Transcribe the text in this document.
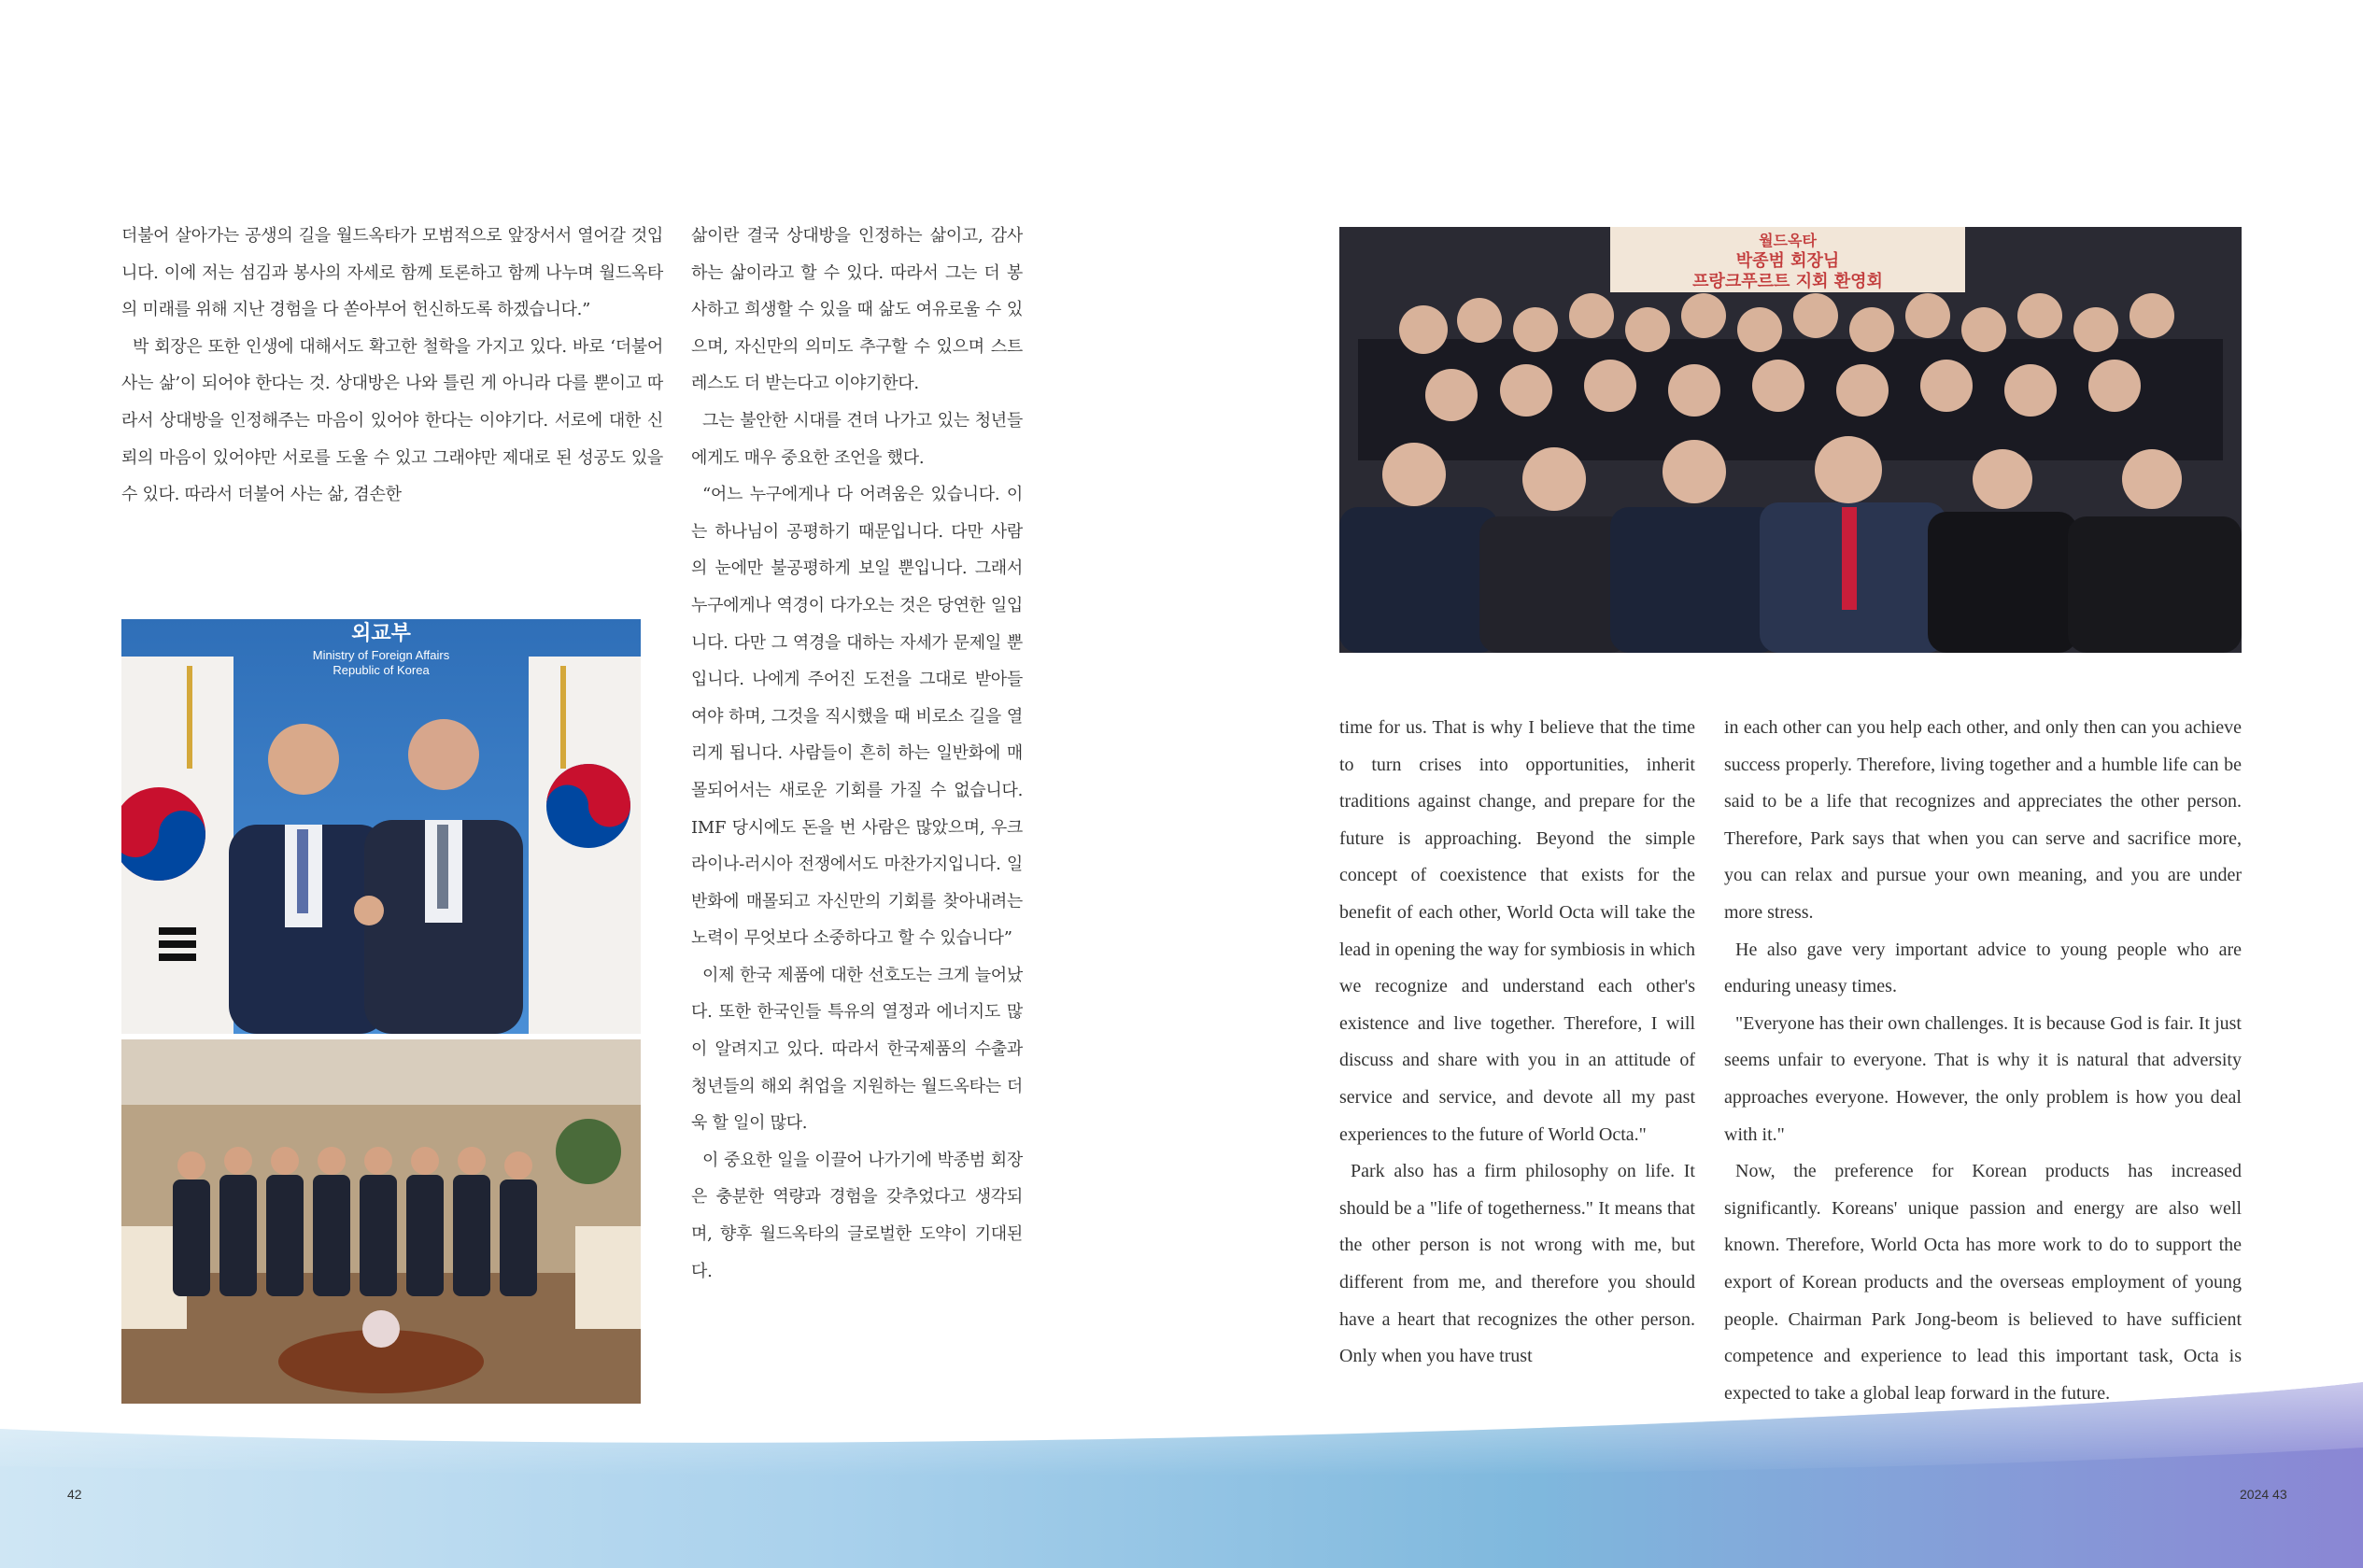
더불어 살아가는 공생의 길을 월드옥타가 모범적으로 앞장서서 열어갈 것입니다. 이에 저는 섬김과 봉사의 자세로 함께 토론하고 함께 나누며 월드옥타의 미래를 위해 지난 경험을 다 쏟아부어 헌신하도록 하겠습니다.”

박 회장은 또한 인생에 대해서도 확고한 철학을 가지고 있다. 바로 ‘더불어 사는 삶’이 되어야 한다는 것. 상대방은 나와 틀린 게 아니라 다를 뿐이고 따라서 상대방을 인정해주는 마음이 있어야 한다는 이야기다. 서로에 대한 신뢰의 마음이 있어야만 서로를 도울 수 있고 그래야만 제대로 된 성공도 있을 수 있다. 따라서 더불어 사는 삶, 겸손한

삶이란 결국 상대방을 인정하는 삶이고, 감사하는 삶이라고 할 수 있다. 따라서 그는 더 봉사하고 희생할 수 있을 때 삶도 여유로울 수 있으며, 자신만의 의미도 추구할 수 있으며 스트레스도 더 받는다고 이야기한다.

그는 불안한 시대를 견뎌 나가고 있는 청년들에게도 매우 중요한 조언을 했다.

“어느 누구에게나 다 어려움은 있습니다. 이는 하나님이 공평하기 때문입니다. 다만 사람의 눈에만 불공평하게 보일 뿐입니다. 그래서 누구에게나 역경이 다가오는 것은 당연한 일입니다. 다만 그 역경을 대하는 자세가 문제일 뿐입니다. 나에게 주어진 도전을 그대로 받아들여야 하며, 그것을 직시했을 때 비로소 길을 열리게 됩니다. 사람들이 흔히 하는 일반화에 매몰되어서는 새로운 기회를 가질 수 없습니다. IMF 당시에도 돈을 번 사람은 많았으며, 우크라이나-러시아 전쟁에서도 마찬가지입니다. 일반화에 매몰되고 자신만의 기회를 찾아내려는 노력이 무엇보다 소중하다고 할 수 있습니다”

이제 한국 제품에 대한 선호도는 크게 늘어났다. 또한 한국인들 특유의 열정과 에너지도 많이 알려지고 있다. 따라서 한국제품의 수출과 청년들의 해외 취업을 지원하는 월드옥타는 더욱 할 일이 많다.

이 중요한 일을 이끌어 나가기에 박종범 회장은 충분한 역량과 경험을 갖추었다고 생각되며, 향후 월드옥타의 글로벌한 도약이 기대된다.

외교부
Ministry of Foreign Affairs
Republic of Korea
42
월드옥타
박종범 회장님
프랑크푸르트 지회 환영회

time for us. That is why I believe that the time to turn crises into opportunities, inherit traditions against change, and prepare for the future is approaching. Beyond the simple concept of coexistence that exists for the benefit of each other, World Octa will take the lead in opening the way for symbiosis in which we recognize and understand each other's existence and live together. Therefore, I will discuss and share with you in an attitude of service and service, and devote all my past experiences to the future of World Octa."

Park also has a firm philosophy on life. It should be a "life of togetherness." It means that the other person is not wrong with me, but different from me, and therefore you should have a heart that recognizes the other person. Only when you have trust

in each other can you help each other, and only then can you achieve success properly. Therefore, living together and a humble life can be said to be a life that recognizes and appreciates the other person. Therefore, Park says that when you can serve and sacrifice more, you can relax and pursue your own meaning, and you are under more stress.

He also gave very important advice to young people who are enduring uneasy times.

"Everyone has their own challenges. It is because God is fair. It just seems unfair to everyone. That is why it is natural that adversity approaches everyone. However, the only problem is how you deal with it."

Now, the preference for Korean products has increased significantly. Koreans' unique passion and energy are also well known. Therefore, World Octa has more work to do to support the export of Korean products and the overseas employment of young people. Chairman Park Jong-beom is believed to have sufficient competence and experience to lead this important task, Octa is expected to take a global leap forward in the future.

2024 43
